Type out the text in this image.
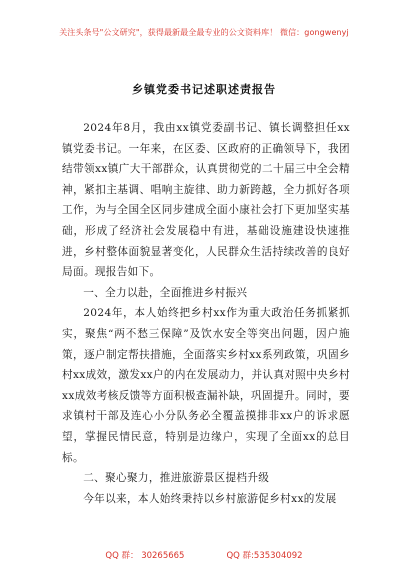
关注头条号"公文研究"，获得最新最全最专业的公文资料库！ 微信：gongwenyj
乡镇党委书记述职述责报告

2024年8月，我由xx镇党委副书记、镇长调整担任xx镇党委书记。一年来，在区委、区政府的正确领导下，我团结带领xx镇广大干部群众，认真贯彻党的二十届三中全会精神，紧扣主基调、唱响主旋律、助力新跨越，全力抓好各项工作，为与全国全区同步建成全面小康社会打下更加坚实基础，形成了经济社会发展稳中有进，基础设施建设快速推进，乡村整体面貌显著变化，人民群众生活持续改善的良好局面。现报告如下。

一、全力以赴，全面推进乡村振兴

2024年，本人始终把乡村xx作为重大政治任务抓紧抓实，聚焦“两不愁三保障”及饮水安全等突出问题，因户施策，逐户制定帮扶措施，全面落实乡村xx系列政策，巩固乡村xx成效，激发xx户的内在发展动力，并认真对照中央乡村xx成效考核反馈等方面积极查漏补缺，巩固提升。同时，要求镇村干部及连心小分队务必全覆盖摸排非xx户的诉求愿望，掌握民情民意，特别是边缘户，实现了全面xx的总目标。

二、聚心聚力，推进旅游景区提档升级

今年以来，本人始终秉持以乡村旅游促乡村xx的发展

QQ 群： 30265665	QQ 群:535304092
